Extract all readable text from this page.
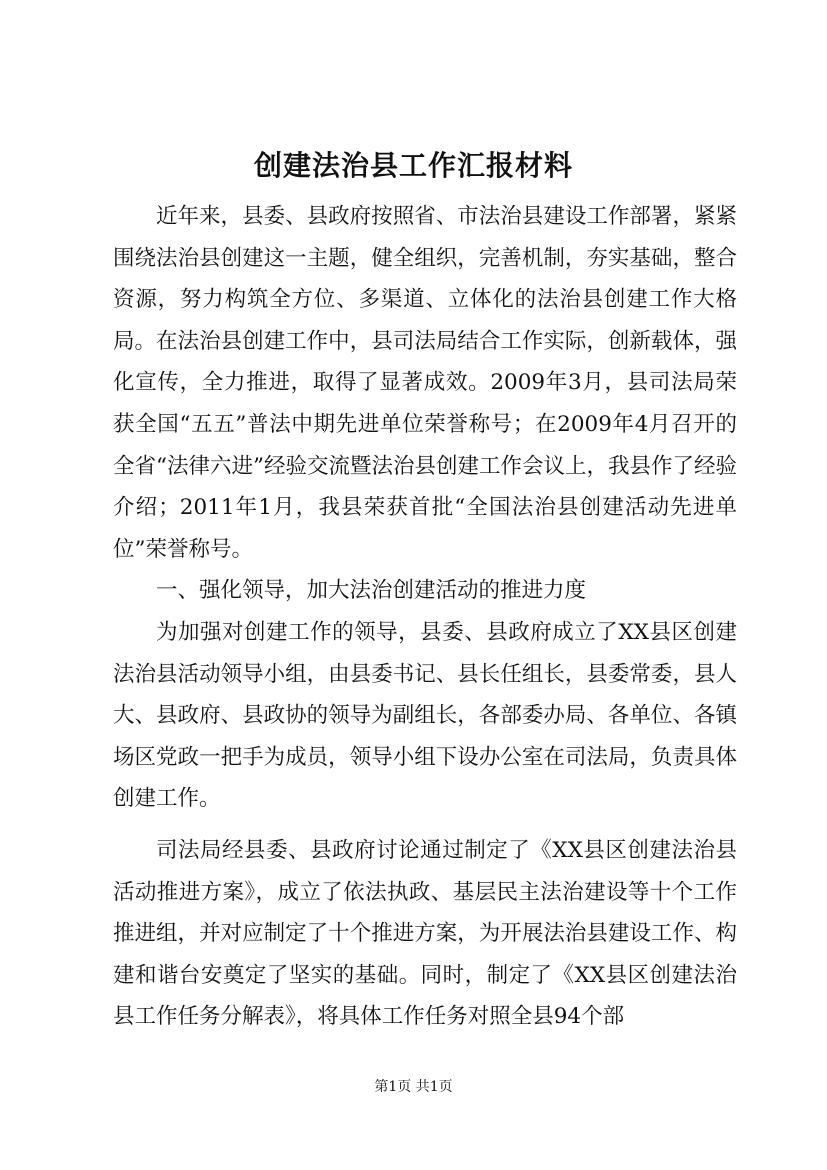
创建法治县工作汇报材料

近年来，县委、县政府按照省、市法治县建设工作部署，紧紧围绕法治县创建这一主题，健全组织，完善机制，夯实基础，整合资源，努力构筑全方位、多渠道、立体化的法治县创建工作大格局。在法治县创建工作中，县司法局结合工作实际，创新载体，强化宣传，全力推进，取得了显著成效。2009年3月，县司法局荣获全国“五五”普法中期先进单位荣誉称号；在2009年4月召开的全省“法律六进”经验交流暨法治县创建工作会议上，我县作了经验介绍；2011年1月，我县荣获首批“全国法治县创建活动先进单位”荣誉称号。

一、强化领导，加大法治创建活动的推进力度

为加强对创建工作的领导，县委、县政府成立了XX县区创建法治县活动领导小组，由县委书记、县长任组长，县委常委，县人大、县政府、县政协的领导为副组长，各部委办局、各单位、各镇场区党政一把手为成员，领导小组下设办公室在司法局，负责具体创建工作。

司法局经县委、县政府讨论通过制定了《XX县区创建法治县活动推进方案》，成立了依法执政、基层民主法治建设等十个工作推进组，并对应制定了十个推进方案，为开展法治县建设工作、构建和谐台安奠定了坚实的基础。同时，制定了《XX县区创建法治县工作任务分解表》，将具体工作任务对照全县94个部

第1页 共1页
